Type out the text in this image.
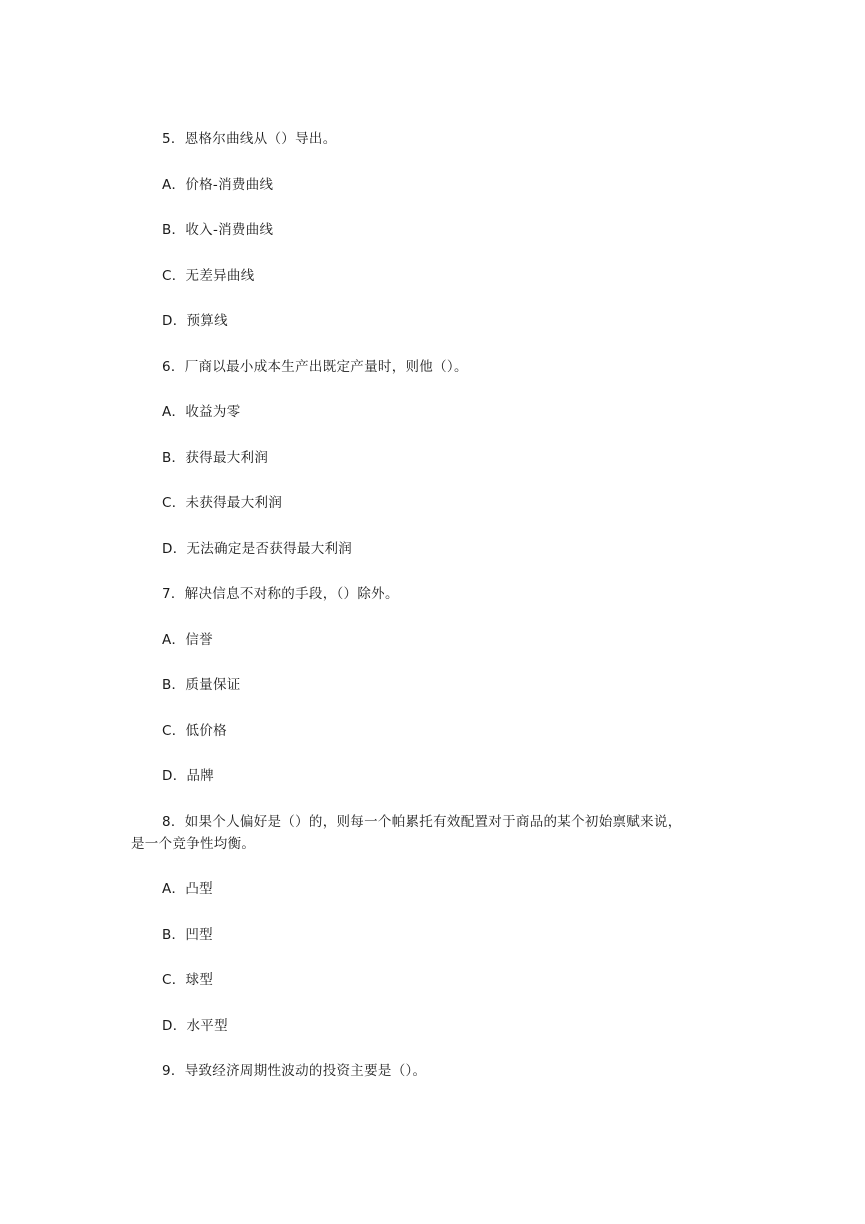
5．恩格尔曲线从（）导出。
A．价格-消费曲线
B．收入-消费曲线
C．无差异曲线
D．预算线
6．厂商以最小成本生产出既定产量时，则他（）。
A．收益为零
B．获得最大利润
C．未获得最大利润
D．无法确定是否获得最大利润
7．解决信息不对称的手段，（）除外。
A．信誉
B．质量保证
C．低价格
D．品牌
8．如果个人偏好是（）的，则每一个帕累托有效配置对于商品的某个初始禀赋来说，
是一个竞争性均衡。
A．凸型
B．凹型
C．球型
D．水平型
9．导致经济周期性波动的投资主要是（）。
